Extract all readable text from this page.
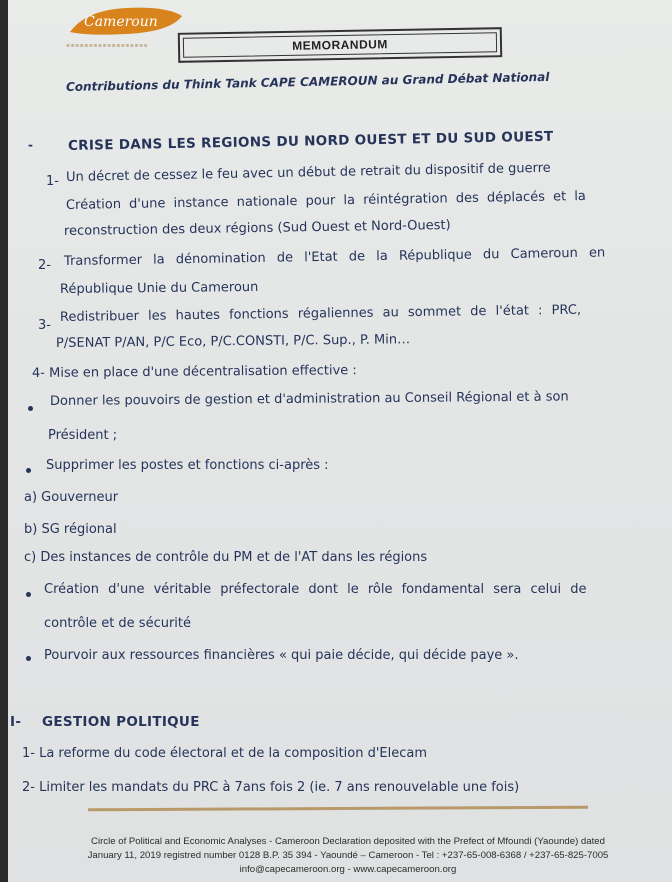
Cameroun
▪▪▪▪▪▪▪▪▪▪▪▪▪▪▪▪▪▪	MEMORANDUM
Contributions du Think Tank CAPE CAMEROUN au Grand Débat National
-	CRISE DANS LES REGIONS DU NORD OUEST ET DU SUD OUEST
1- Un décret de cessez le feu avec un début de retrait du dispositif de guerre
Création d'une instance nationale pour la réintégration des déplacés et la
reconstruction des deux régions (Sud Ouest et Nord-Ouest)
2- Transformer la dénomination de l'Etat de la République du Cameroun en
République Unie du Cameroun
3-
Redistribuer les hautes fonctions régaliennes au sommet de l'état : PRC,
P/SENAT P/AN, P/C Eco, P/C.CONSTI, P/C. Sup., P. Min…
4- Mise en place d'une décentralisation effective :
Donner les pouvoirs de gestion et d'administration au Conseil Régional et à son
Président ;
Supprimer les postes et fonctions ci-après :
a) Gouverneur
b) SG régional
c) Des instances de contrôle du PM et de l'AT dans les régions
Création d'une véritable préfectorale dont le rôle fondamental sera celui de
contrôle et de sécurité
Pourvoir aux ressources financières « qui paie décide, qui décide paye ».
I- GESTION POLITIQUE
1- La reforme du code électoral et de la composition d'Elecam
2- Limiter les mandats du PRC à 7ans fois 2 (ie. 7 ans renouvelable une fois)
Circle of Political and Economic Analyses - Cameroon Declaration deposited with the Prefect of Mfoundi (Yaounde) dated
January 11, 2019 registred number 0128 B.P. 35 394 - Yaoundé – Cameroon - Tel : +237-65-008-6368 / +237-65-825-7005
info@capecameroon.org - www.capecameroon.org
